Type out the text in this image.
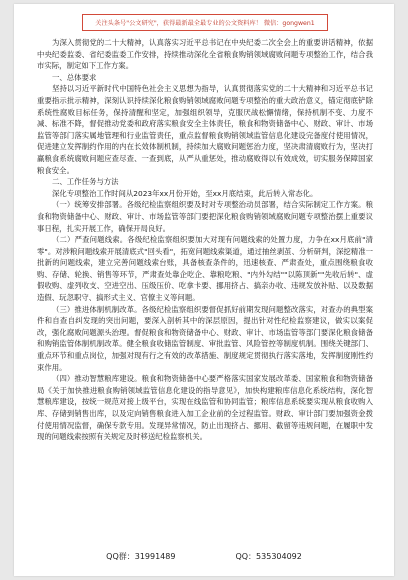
关注头条号"公文研究"，获得最新最全最专业的公文资料库！ 微信：gongwen1

为深入贯彻党的二十大精神，认真落实习近平总书记在中央纪委二次全会上的重要讲话精神，依据中央纪委监委、省纪委监委工作安排，持续推动深化全省粮食购销领域腐败问题专项整治工作，结合我市实际，制定如下工作方案。

一、总体要求

坚持以习近平新时代中国特色社会主义思想为指导，认真贯彻落实党的二十大精神和习近平总书记重要指示批示精神，深刻认识持续深化粮食购销领域腐败问题专项整治的重大政治意义，锚定彻底铲除系统性腐败目标任务，保持清醒和坚定，加强组织领导，克服厌战松懈情绪，保持机制不变、力度不减、标准不降，督促推动党委和政府落实粮食安全主体责任，粮食和物资储备中心、财政、审计、市场监管等部门落实属地管理和行业监管责任，重点监督粮食购销领域监管信息化建设完备度付使用情况，促进建立发挥制约作用的内在长效体制机制，持续加大腐败问题惩治力度，坚决肃清腐败行为，坚决打赢粮食系统腐败问题应查尽查、一查到底，从严从重惩处，推动腐败得以有效成效，切实服务保障国家粮食安全。

二、工作任务与方法

深化专项整治工作时间从2023年xx月份开始，至xx月底结束，此后转入常态化。

（一）统筹安排部署。各级纪检监察组织要及时对专项整治动员部署，结合实际制定工作方案。粮食和物资储备中心、财政、审计、市场监管等部门要把深化粮食购销领域腐败问题专项整治摆上重要议事日程，扎实开展工作，确保开局良好。

（二）严查问题线索。各级纪检监察组织要加大对现有问题线索的处置力度，力争在xx月底前"清零"。对涉粮问题线索开展清底式"回头看"，拓宽问题线索渠道，通过抽丝剥茧、分析研判，深挖精准一批新的问题线索，建立完善问题线索台账，具备核查条件的，迅速核查、严肃查处，重点围绕粮食收购、存储、轮换、销售等环节，严肃查处靠企吃企、靠粮吃粮、"内外勾结""以陈顶新""先收后转"、虚假收购、虚列收支、空进空出、压级压价、吃拿卡要、挪用挤占、搞亲办收、违规发放补贴、以及数据造假、玩忽职守、搞形式主义、官僚主义等问题。

（三）推进体制机制改革。各级纪检监察组织要督促抓好前期发现问题整改落实，对查办的典型案件和自查自纠发现的突出问题，要深入剖析其中的深层原因，提出针对性纪检监察建议，做实以案促改，强化腐败问题源头治理。督促粮食和物资储备中心、财政、审计、市场监管等部门要深化粮食储备和购销监管体制机制改革。健全粮食收储监管制度、审批监管、风险管控等制度机制。围绕关键部门、重点环节和重点岗位，加强对现有行之有效的改革措施、制度规定贯彻执行落实落地，发挥制度刚性约束作用。

（四）推动智慧粮库建设。粮食和物资储备中心要严格落实国家发展改革委、国家粮食和物资储备局《关于加快推进粮食购销领域监管信息化建设的指导意见》，加快构建粮库信息化系统结构，深化智慧粮库建设，按统一规范对接上级平台，实现在线监管和协同监管；粮库信息系统要实现从粮食收购入库、存储到销售出库，以及定向销售粮食进入加工企业前的全过程监管。财政、审计部门要加强资金拨付使用情况监督，确保专款专用。发现异常情况，防止出现挤占、挪用、截留等违规问题，在履职中发现的问题线索按照有关规定及时移送纪检监察机关。

QQ群：31991489	QQ：535304092
